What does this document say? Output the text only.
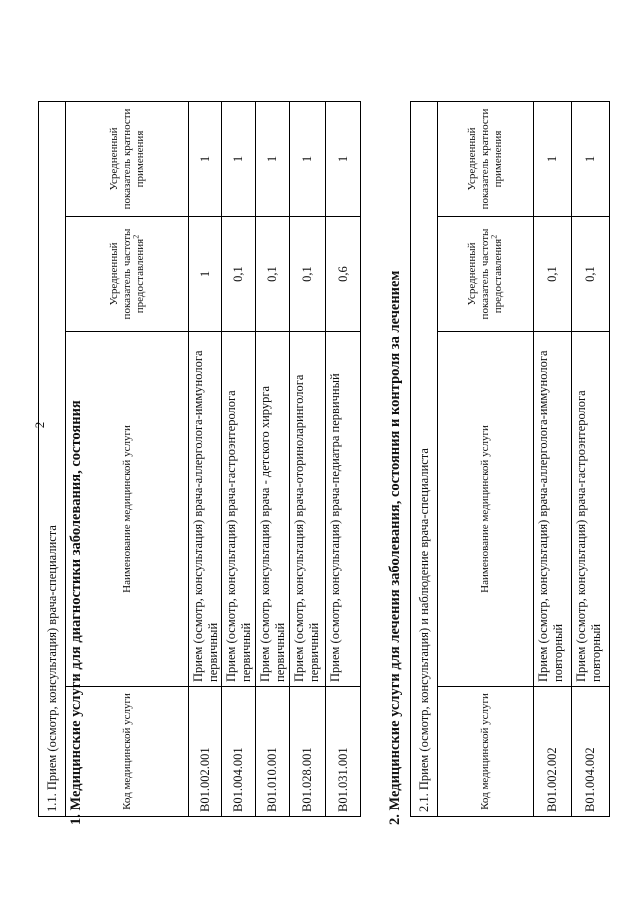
2 1. Медицинские услуги для диагностики заболевания, состояния
1.1. Прием (осмотр, консультация) врача-специалиста			
Код медицинской услуги	Наименование медицинской услуги	Усредненный показатель частоты предоставления$^2$	Усредненный показатель кратности применения
B01.002.001	Прием (осмотр, консультация) врача-аллерголога-иммунолога первичный	1	1
B01.004.001	Прием (осмотр, консультация) врача-гастроэнтеролога первичный	0,1	1
B01.010.001	Прием (осмотр, консультация) врача - детского хирурга первичный	0,1	1
B01.028.001	Прием (осмотр, консультация) врача-оториноларинголога первичный	0,1	1
B01.031.001	Прием (осмотр, консультация) врача-педиатра первичный	0,6	1
2. Медицинские услуги для лечения заболевания, состояния и контроля за лечением 2.1. Прием (осмотр, консультация) и наблюдение врача-специалиста			
Код медицинской услуги	Наименование медицинской услуги	Усредненный показатель частоты предоставления$^2$	Усредненный показатель кратности применения
B01.002.002	Прием (осмотр, консультация) врача-аллерголога-иммунолога повторный	0,1	1
B01.004.002	Прием (осмотр, консультация) врача-гастроэнтеролога повторный	0,1	1
